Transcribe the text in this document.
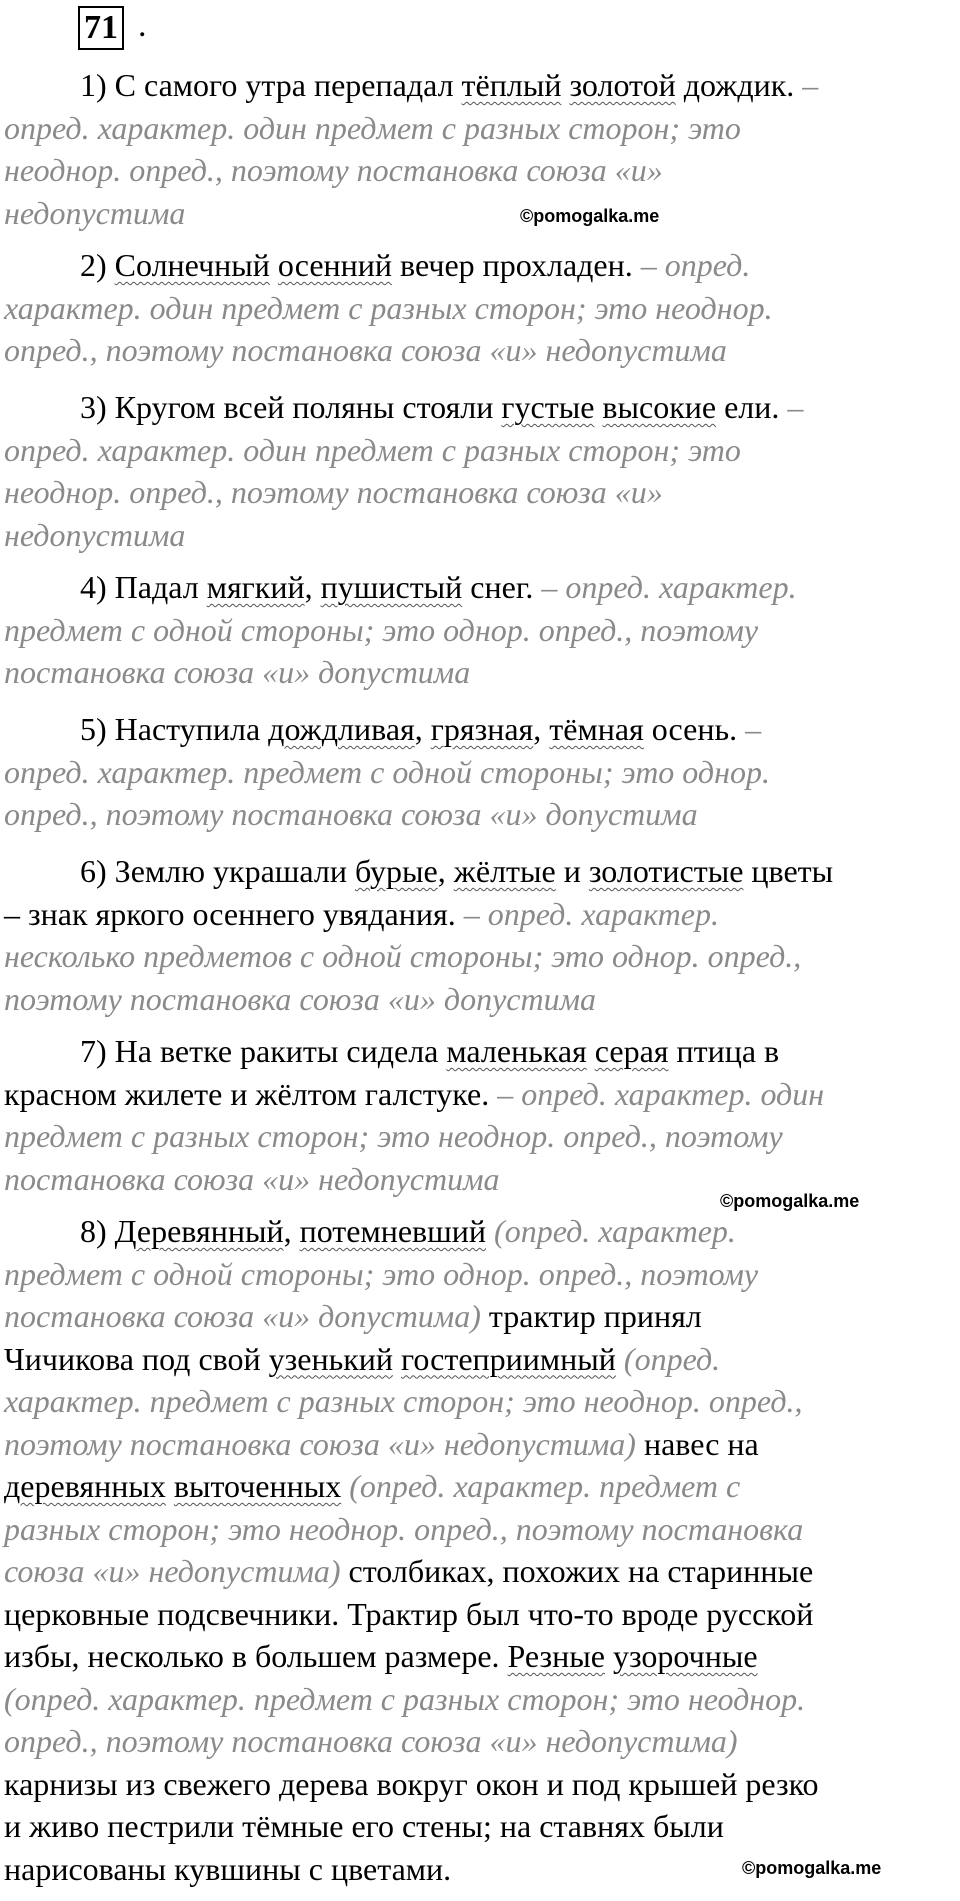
71 .
1) С самого утра перепадал тёплый золотой дождик. –
опред. характер. один предмет с разных сторон; это
неоднор. опред., поэтому постановка союза «и»
недопустима
2) Солнечный осенний вечер прохладен. – опред.
характер. один предмет с разных сторон; это неоднор.
опред., поэтому постановка союза «и» недопустима
3) Кругом всей поляны стояли густые высокие ели. –
опред. характер. один предмет с разных сторон; это
неоднор. опред., поэтому постановка союза «и»
недопустима
4) Падал мягкий, пушистый снег. – опред. характер.
предмет с одной стороны; это однор. опред., поэтому
постановка союза «и» допустима
5) Наступила дождливая, грязная, тёмная осень. –
опред. характер. предмет с одной стороны; это однор.
опред., поэтому постановка союза «и» допустима
6) Землю украшали бурые, жёлтые и золотистые цветы
– знак яркого осеннего увядания. – опред. характер.
несколько предметов с одной стороны; это однор. опред.,
поэтому постановка союза «и» допустима
7) На ветке ракиты сидела маленькая серая птица в
красном жилете и жёлтом галстуке. – опред. характер. один
предмет с разных сторон; это неоднор. опред., поэтому
постановка союза «и» недопустима
8) Деревянный, потемневший (опред. характер.
предмет с одной стороны; это однор. опред., поэтому
постановка союза «и» допустима) трактир принял
Чичикова под свой узенький гостеприимный (опред.
характер. предмет с разных сторон; это неоднор. опред.,
поэтому постановка союза «и» недопустима) навес на
деревянных выточенных (опред. характер. предмет с
разных сторон; это неоднор. опред., поэтому постановка
союза «и» недопустима) столбиках, похожих на старинные
церковные подсвечники. Трактир был что-то вроде русской
избы, несколько в большем размере. Резные узорочные
(опред. характер. предмет с разных сторон; это неоднор.
опред., поэтому постановка союза «и» недопустима)
карнизы из свежего дерева вокруг окон и под крышей резко
и живо пестрили тёмные его стены; на ставнях были
нарисованы кувшины с цветами.
©pomogalka.me
©pomogalka.me
©pomogalka.me
